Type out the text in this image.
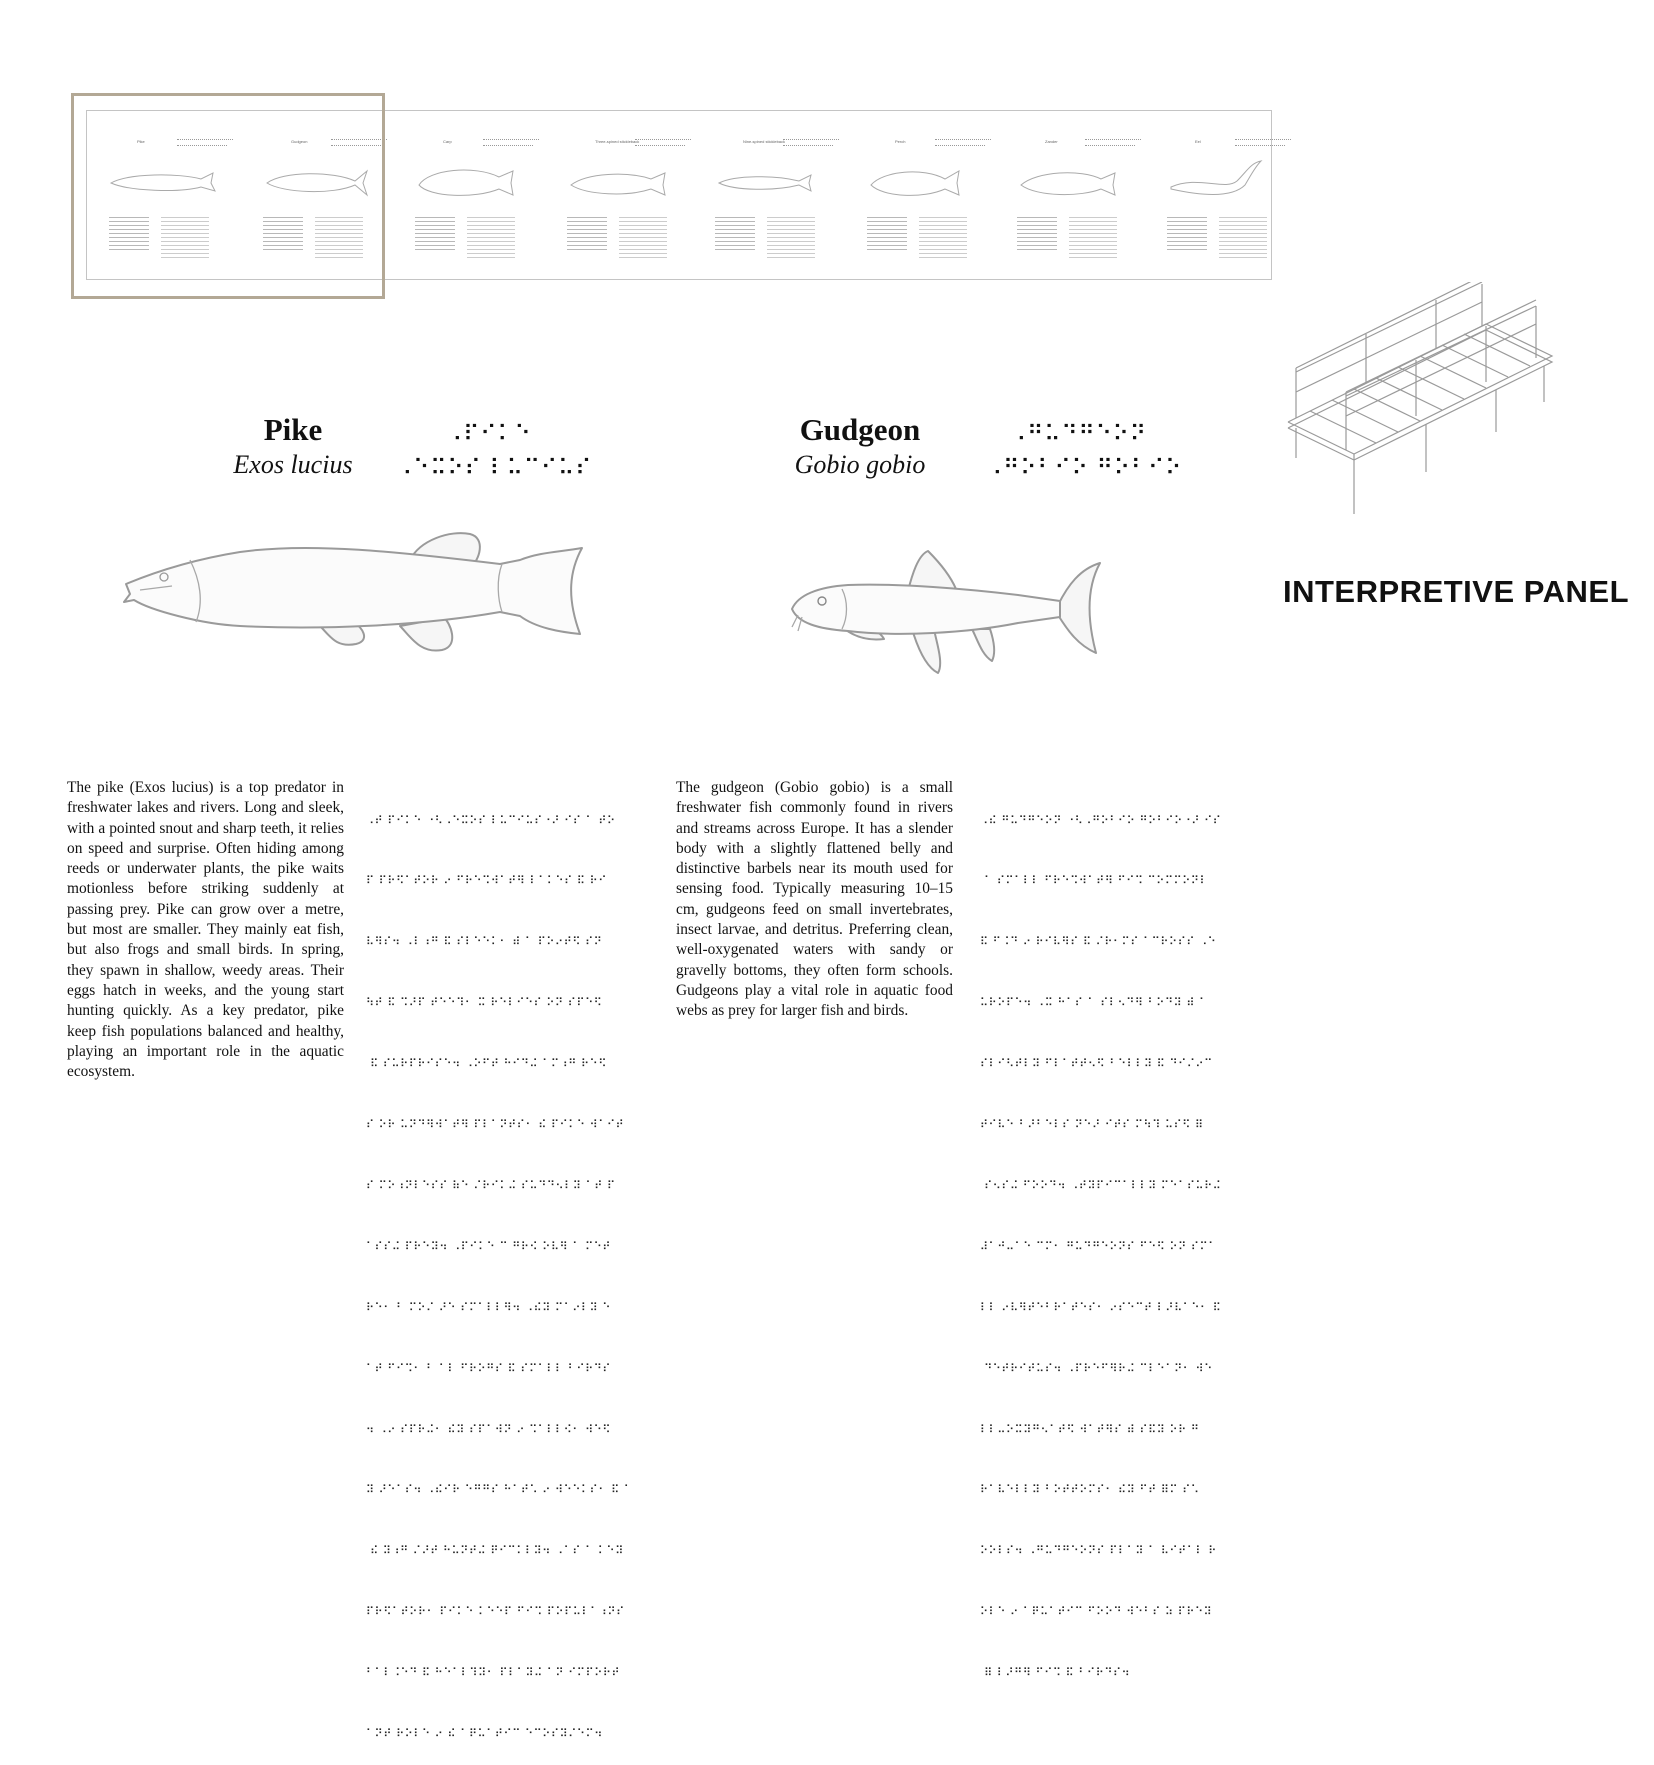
Pike	Gudgeon	Carp	Three-spined stickleback	Nine-spined stickleback	Perch	Zander	Eel
Pike
Exos lucius
⠠⠏⠊⠅⠑
⠠⠑⠭⠕⠎ ⠇⠥⠉⠊⠥⠎
Gudgeon
Gobio gobio
⠠⠛⠥⠙⠛⠑⠕⠝
⠠⠛⠕⠃⠊⠕ ⠛⠕⠃⠊⠕
The pike (Exos lucius) is a top predator in freshwater lakes and rivers. Long and sleek, with a pointed snout and sharp teeth, it relies on speed and surprise. Often hiding among reeds or underwater plants, the pike waits motionless before striking suddenly at passing prey. Pike can grow over a metre, but most are smaller. They mainly eat fish, but also frogs and small birds. In spring, they spawn in shallow, weedy areas. Their eggs hatch in weeks, and the young start hunting quickly. As a key predator, pike keep fish populations balanced and healthy, playing an important role in the aquatic ecosystem.

⠠⠞ ⠏⠊⠅⠑ ⠐⠣⠠⠑⠭⠕⠎ ⠇⠥⠉⠊⠥⠎⠐⠜ ⠊⠎ ⠁ ⠞⠕

⠏ ⠏⠗⠫⠁⠞⠕⠗ ⠔ ⠋⠗⠑⠩⠺⠁⠞⠻ ⠇⠁⠅⠑⠎ ⠯ ⠗⠊

⠧⠻⠎⠲ ⠠⠇⠰⠛ ⠯ ⠎⠇⠑⠑⠅⠂ ⠾ ⠁ ⠏⠕⠔⠞⠫ ⠎⠝

⠳⠞ ⠯ ⠩⠜⠏ ⠞⠑⠑⠹⠂ ⠭ ⠗⠑⠇⠊⠑⠎ ⠕⠝ ⠎⠏⠑⠫

⠯ ⠎⠥⠗⠏⠗⠊⠎⠑⠲ ⠠⠕⠋⠞ ⠓⠊⠙⠬ ⠁⠍⠰⠛ ⠗⠑⠫

⠎ ⠕⠗ ⠥⠝⠙⠻⠺⠁⠞⠻ ⠏⠇⠁⠝⠞⠎⠂ ⠮ ⠏⠊⠅⠑ ⠺⠁⠊⠞

⠎ ⠍⠕⠰⠝⠇⠑⠎⠎ ⠷⠑ ⠌⠗⠊⠅⠬ ⠎⠥⠙⠙⠢⠇⠽ ⠁⠞ ⠏

⠁⠎⠎⠬ ⠏⠗⠑⠽⠲ ⠠⠏⠊⠅⠑ ⠉ ⠛⠗⠪ ⠕⠧⠻ ⠁ ⠍⠑⠞

⠗⠑⠂ ⠃ ⠍⠕⠌ ⠜⠑ ⠎⠍⠁⠇⠇⠻⠲ ⠠⠮⠽ ⠍⠁⠔⠇⠽ ⠑

⠁⠞ ⠋⠊⠩⠂ ⠃ ⠁⠇ ⠋⠗⠕⠛⠎ ⠯ ⠎⠍⠁⠇⠇ ⠃⠊⠗⠙⠎

⠲ ⠠⠔ ⠎⠏⠗⠬⠂ ⠮⠽ ⠎⠏⠁⠺⠝ ⠔ ⠩⠁⠇⠇⠪⠂ ⠺⠑⠫

⠽ ⠜⠑⠁⠎⠲ ⠠⠮⠊⠗ ⠑⠛⠛⠎ ⠓⠁⠞⠡ ⠔ ⠺⠑⠑⠅⠎⠂ ⠯ ⠁

⠮ ⠽⠰⠛ ⠌⠜⠞ ⠓⠥⠝⠞⠬ ⠟⠊⠉⠅⠇⠽⠲ ⠠⠁⠎ ⠁ ⠅⠑⠽

⠏⠗⠫⠁⠞⠕⠗⠂ ⠏⠊⠅⠑ ⠅⠑⠑⠏ ⠋⠊⠩ ⠏⠕⠏⠥⠇⠁⠰⠝⠎

⠃⠁⠇⠨⠑⠙ ⠯ ⠓⠑⠁⠇⠹⠽⠂ ⠏⠇⠁⠽⠬ ⠁⠝ ⠊⠍⠏⠕⠗⠞

⠁⠝⠞ ⠗⠕⠇⠑ ⠔ ⠮ ⠁⠟⠥⠁⠞⠊⠉ ⠑⠉⠕⠎⠽⠌⠑⠍⠲

The gudgeon (Gobio gobio) is a small freshwater fish commonly found in rivers and streams across Europe. It has a slender body with a slightly flattened belly and distinctive barbels near its mouth used for sensing food. Typically measuring 10–15 cm, gudgeons feed on small invertebrates, insect larvae, and detritus. Preferring clean, well-oxygenated waters with sandy or gravelly bottoms, they often form schools. Gudgeons play a vital role in aquatic food webs as prey for larger fish and birds.

⠠⠮ ⠛⠥⠙⠛⠑⠕⠝ ⠐⠣⠠⠛⠕⠃⠊⠕ ⠛⠕⠃⠊⠕⠐⠜ ⠊⠎

⠁ ⠎⠍⠁⠇⠇ ⠋⠗⠑⠩⠺⠁⠞⠻ ⠋⠊⠩ ⠉⠕⠍⠍⠕⠝⠇

⠯ ⠋⠨⠙ ⠔ ⠗⠊⠧⠻⠎ ⠯ ⠌⠗⠂⠍⠎ ⠁⠉⠗⠕⠎⠎ ⠠⠑

⠥⠗⠕⠏⠑⠲ ⠠⠭ ⠓⠁⠎ ⠁ ⠎⠇⠢⠙⠻ ⠃⠕⠙⠽ ⠾ ⠁

⠎⠇⠊⠣⠞⠇⠽ ⠋⠇⠁⠞⠞⠢⠫ ⠃⠑⠇⠇⠽ ⠯ ⠙⠊⠌⠔⠉

⠞⠊⠧⠑ ⠃⠜⠃⠑⠇⠎ ⠝⠑⠜ ⠊⠞⠎ ⠍⠳⠹ ⠥⠎⠫ ⠿

⠎⠢⠎⠬ ⠋⠕⠕⠙⠲ ⠠⠞⠽⠏⠊⠉⠁⠇⠇⠽ ⠍⠑⠁⠎⠥⠗⠬

⠼⠁⠚⠤⠁⠑ ⠉⠍⠂ ⠛⠥⠙⠛⠑⠕⠝⠎ ⠋⠑⠫ ⠕⠝ ⠎⠍⠁

⠇⠇ ⠔⠧⠻⠞⠑⠃⠗⠁⠞⠑⠎⠂ ⠔⠎⠑⠉⠞ ⠇⠜⠧⠁⠑⠂ ⠯

⠙⠑⠞⠗⠊⠞⠥⠎⠲ ⠠⠏⠗⠑⠋⠻⠗⠬ ⠉⠇⠑⠁⠝⠂ ⠺⠑

⠇⠇⠤⠕⠭⠽⠛⠢⠁⠞⠫ ⠺⠁⠞⠻⠎ ⠾ ⠎⠯⠽ ⠕⠗ ⠛

⠗⠁⠧⠑⠇⠇⠽ ⠃⠕⠞⠞⠕⠍⠎⠂ ⠮⠽ ⠋⠞ ⠿⠍ ⠎⠡

⠕⠕⠇⠎⠲ ⠠⠛⠥⠙⠛⠑⠕⠝⠎ ⠏⠇⠁⠽ ⠁ ⠧⠊⠞⠁⠇ ⠗

⠕⠇⠑ ⠔ ⠁⠟⠥⠁⠞⠊⠉ ⠋⠕⠕⠙ ⠺⠑⠃⠎ ⠵ ⠏⠗⠑⠽

⠿ ⠇⠜⠛⠻ ⠋⠊⠩ ⠯ ⠃⠊⠗⠙⠎⠲

INTERPRETIVE PANEL
